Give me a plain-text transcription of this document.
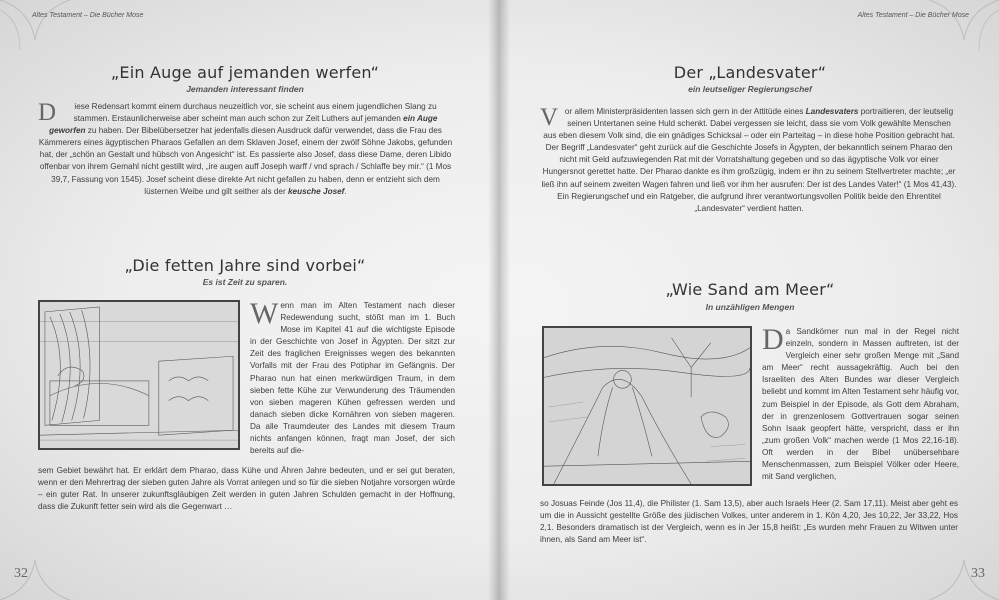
Altes Testament – Die Bücher Mose
32
„Ein Auge auf jemanden werfen“
Jemanden interessant finden

D iese Redensart kommt einem durchaus neuzeitlich vor, sie scheint aus einem jugendlichen Slang zu stammen. Erstaunlicherweise aber scheint man auch schon zur Zeit Luthers auf jemanden ein Auge geworfen zu haben. Der Bibelübersetzer hat jedenfalls diesen Ausdruck dafür verwendet, dass die Frau des Kämmerers eines ägyptischen Pharaos Gefallen an dem Sklaven Josef, einem der zwölf Söhne Jakobs, gefunden hat, der „schön an Gestalt und hübsch von Angesicht“ ist. Es passierte also Josef, dass diese Dame, deren Libido offenbar von ihrem Gemahl nicht gestillt wird, „ire augen auff Joseph warff / vnd sprach / Schlaffe bey mir.“ (1 Mos 39,7, Fassung von 1545). Josef scheint diese direkte Art nicht gefallen zu haben, denn er entzieht sich dem lüsternen Weibe und gilt seither als der keusche Josef.

„Die fetten Jahre sind vorbei“
Es ist Zeit zu sparen.

Wenn man im Alten Testament nach dieser Redewendung sucht, stößt man im 1. Buch Mose im Kapitel 41 auf die wichtigste Episode in der Geschichte von Josef in Ägypten. Der sitzt zur Zeit des fraglichen Ereignisses wegen des bekannten Vorfalls mit der Frau des Potiphar im Gefängnis. Der Pharao nun hat einen merkwürdigen Traum, in dem sieben fette Kühe zur Verwunderung des Träumenden von sieben mageren Kühen gefressen werden und danach sieben dicke Kornähren von sieben mageren. Da alle Traumdeuter des Landes mit diesem Traum nichts anfangen können, fragt man Josef, der sich bereits auf die-

sem Gebiet bewährt hat. Er erklärt dem Pharao, dass Kühe und Ähren Jahre bedeuten, und er sei gut beraten, wenn er den Mehrertrag der sieben guten Jahre als Vorrat anlegen und so für die sieben Notjahre vorsorgen würde – ein guter Rat. In unserer zukunftsgläubigen Zeit werden in guten Jahren Schulden gemacht in der Hoffnung, dass die Zukunft fetter sein wird als die Gegenwart …

Altes Testament – Die Bücher Mose
33
Der „Landesvater“
ein leutseliger Regierungschef

Vor allem Ministerpräsidenten lassen sich gern in der Attitüde eines Landesvaters portraitieren, der leutselig seinen Untertanen seine Huld schenkt. Dabei vergessen sie leicht, dass sie vom Volk gewählte Menschen aus eben diesem Volk sind, die ein gnädiges Schicksal – oder ein Parteitag – in diese hohe Position gebracht hat. Der Begriff „Landesvater“ geht zurück auf die Geschichte Josefs in Ägypten, der bekanntlich seinem Pharao den nicht mit Geld aufzuwiegenden Rat mit der Vorratshaltung gegeben und so das ägyptische Volk vor einer Hungersnot gerettet hatte. Der Pharao dankte es ihm großzügig, indem er ihn zu seinem Stellvertreter machte; „er ließ ihn auf seinem zweiten Wagen fahren und ließ vor ihm her ausrufen: Der ist des Landes Vater!“ (1 Mos 41,43). Ein Regierungschef und ein Ratgeber, die aufgrund ihrer verantwortungsvollen Politik beide den Ehrentitel „Landesvater“ verdient hatten.

„Wie Sand am Meer“
In unzähligen Mengen

Da Sandkörner nun mal in der Regel nicht einzeln, sondern in Massen auftreten, ist der Vergleich einer sehr großen Menge mit „Sand am Meer“ recht aussagekräftig. Auch bei den Israeliten des Alten Bundes war dieser Vergleich beliebt und kommt im Alten Testament sehr häufig vor, zum Beispiel in der Episode, als Gott dem Abraham, der in grenzenlosem Gottvertrauen sogar seinen Sohn Isaak geopfert hätte, verspricht, dass er ihn „zum großen Volk“ machen werde (1 Mos 22,16-18). Oft werden in der Bibel unübersehbare Menschenmassen, zum Beispiel Völker oder Heere, mit Sand verglichen,

so Josuas Feinde (Jos 11,4), die Philister (1. Sam 13,5), aber auch Israels Heer (2. Sam 17,11). Meist aber geht es um die in Aussicht gestellte Größe des jüdischen Volkes, unter anderem in 1. Kön 4,20, Jes 10,22, Jer 33,22, Hos 2,1. Besonders dramatisch ist der Vergleich, wenn es in Jer 15,8 heißt: „Es wurden mehr Frauen zu Witwen unter ihnen, als Sand am Meer ist“.
